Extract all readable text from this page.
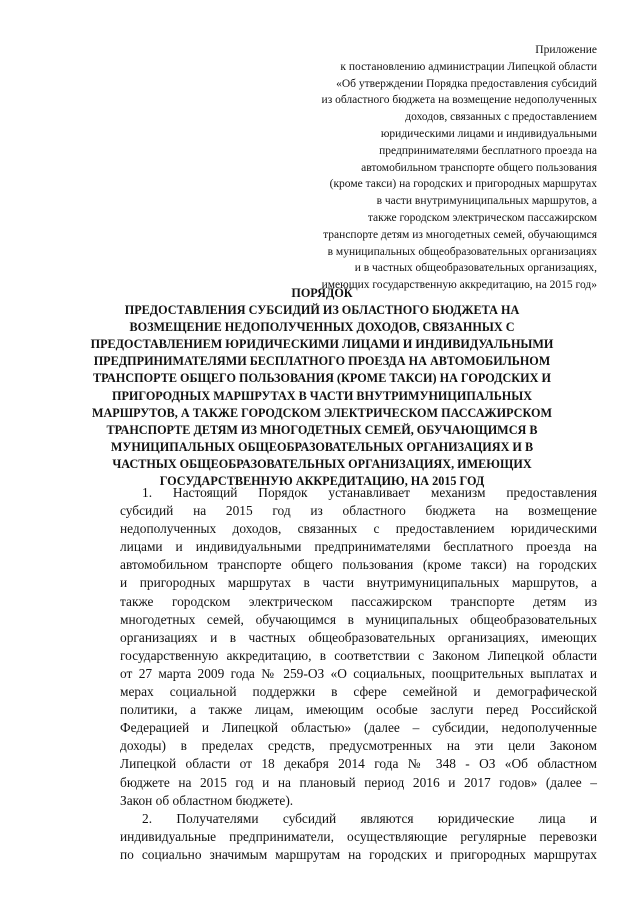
Приложение
к постановлению администрации Липецкой области
«Об утверждении Порядка предоставления субсидий
из областного бюджета на возмещение недополученных
доходов, связанных с предоставлением
юридическими лицами и индивидуальными
предпринимателями бесплатного проезда на
автомобильном транспорте общего пользования
(кроме такси) на городских и пригородных маршрутах
в части внутримуниципальных маршрутов, а
также городском электрическом пассажирском
транспорте детям из многодетных семей, обучающимся
в муниципальных общеобразовательных организациях
и в частных общеобразовательных организациях,
имеющих государственную аккредитацию, на 2015 год»
ПОРЯДОК
ПРЕДОСТАВЛЕНИЯ СУБСИДИЙ ИЗ ОБЛАСТНОГО БЮДЖЕТА НА
ВОЗМЕЩЕНИЕ НЕДОПОЛУЧЕННЫХ ДОХОДОВ, СВЯЗАННЫХ С
ПРЕДОСТАВЛЕНИЕМ ЮРИДИЧЕСКИМИ ЛИЦАМИ И ИНДИВИДУАЛЬНЫМИ
ПРЕДПРИНИМАТЕЛЯМИ БЕСПЛАТНОГО ПРОЕЗДА НА АВТОМОБИЛЬНОМ
ТРАНСПОРТЕ ОБЩЕГО ПОЛЬЗОВАНИЯ (КРОМЕ ТАКСИ) НА ГОРОДСКИХ И
ПРИГОРОДНЫХ МАРШРУТАХ В ЧАСТИ ВНУТРИМУНИЦИПАЛЬНЫХ
МАРШРУТОВ, А ТАКЖЕ ГОРОДСКОМ ЭЛЕКТРИЧЕСКОМ ПАССАЖИРСКОМ
ТРАНСПОРТЕ ДЕТЯМ ИЗ МНОГОДЕТНЫХ СЕМЕЙ, ОБУЧАЮЩИМСЯ В
МУНИЦИПАЛЬНЫХ ОБЩЕОБРАЗОВАТЕЛЬНЫХ ОРГАНИЗАЦИЯХ И В
ЧАСТНЫХ ОБЩЕОБРАЗОВАТЕЛЬНЫХ ОРГАНИЗАЦИЯХ, ИМЕЮЩИХ
ГОСУДАРСТВЕННУЮ АККРЕДИТАЦИЮ, НА 2015 ГОД
1. Настоящий Порядок устанавливает механизм предоставления
субсидий на 2015 год из областного бюджета на возмещение
недополученных доходов, связанных с предоставлением юридическими
лицами и индивидуальными предпринимателями бесплатного проезда на
автомобильном транспорте общего пользования (кроме такси) на городских
и пригородных маршрутах в части внутримуниципальных маршрутов, а
также городском электрическом пассажирском транспорте детям из
многодетных семей, обучающимся в муниципальных общеобразовательных
организациях и в частных общеобразовательных организациях, имеющих
государственную аккредитацию, в соответствии с Законом Липецкой области
от 27 марта 2009 года № 259-ОЗ «О социальных, поощрительных выплатах и
мерах социальной поддержки в сфере семейной и демографической
политики, а также лицам, имеющим особые заслуги перед Российской
Федерацией и Липецкой областью» (далее – субсидии, недополученные
доходы) в пределах средств, предусмотренных на эти цели Законом
Липецкой области от 18 декабря 2014 года № 348 - ОЗ «Об областном
бюджете на 2015 год и на плановый период 2016 и 2017 годов» (далее –
Закон об областном бюджете).
2. Получателями субсидий являются юридические лица и
индивидуальные предприниматели, осуществляющие регулярные перевозки
по социально значимым маршрутам на городских и пригородных маршрутах
